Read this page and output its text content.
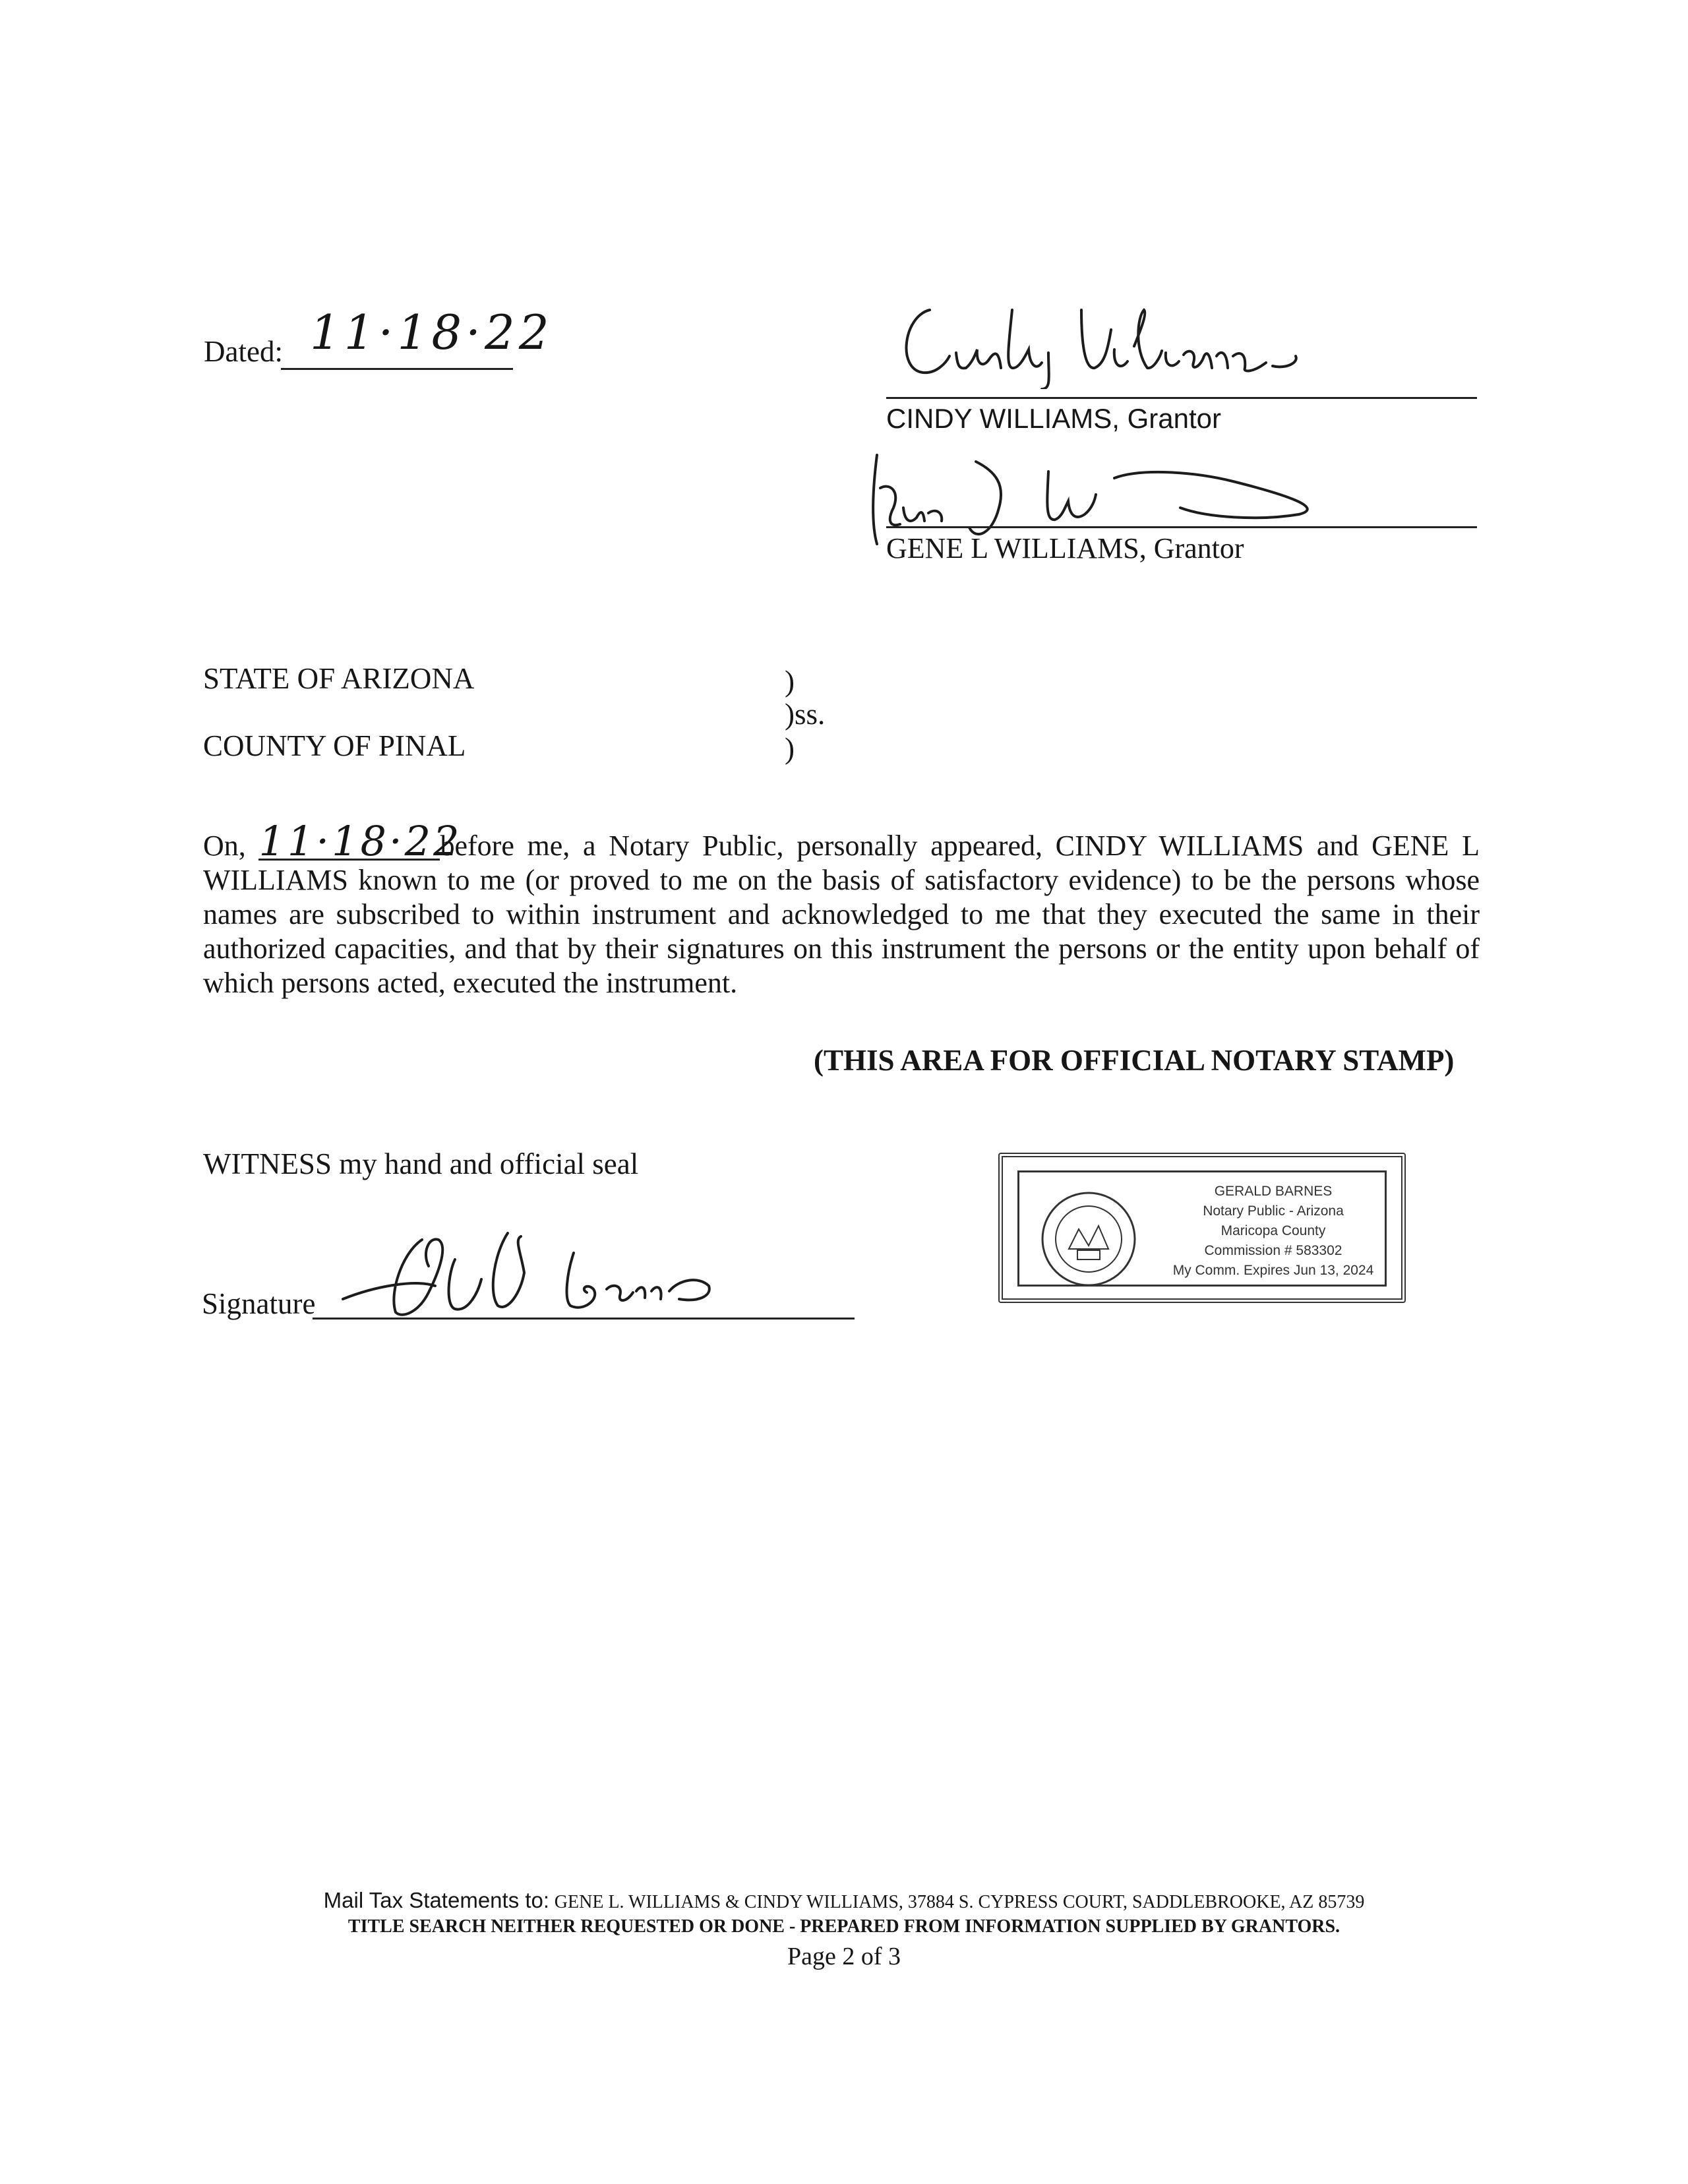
Dated: 11·18·22
CINDY WILLIAMS, Grantor
GENE L WILLIAMS, Grantor
STATE OF ARIZONA
COUNTY OF PINAL
)
)ss.
)
On, 11·18·22before me, a Notary Public, personally appeared, CINDY WILLIAMS and GENE L WILLIAMS known to me (or proved to me on the basis of satisfactory evidence) to be the persons whose names are subscribed to within instrument and acknowledged to me that they executed the same in their authorized capacities, and that by their signatures on this instrument the persons or the entity upon behalf of which persons acted, executed the instrument.
(THIS AREA FOR OFFICIAL NOTARY STAMP)
WITNESS my hand and official seal
Signature
GERALD BARNES
Notary Public - Arizona
Maricopa County
Commission # 583302
My Comm. Expires Jun 13, 2024
Mail Tax Statements to: GENE L. WILLIAMS & CINDY WILLIAMS, 37884 S. CYPRESS COURT, SADDLEBROOKE, AZ 85739
TITLE SEARCH NEITHER REQUESTED OR DONE - PREPARED FROM INFORMATION SUPPLIED BY GRANTORS.
Page 2 of 3
